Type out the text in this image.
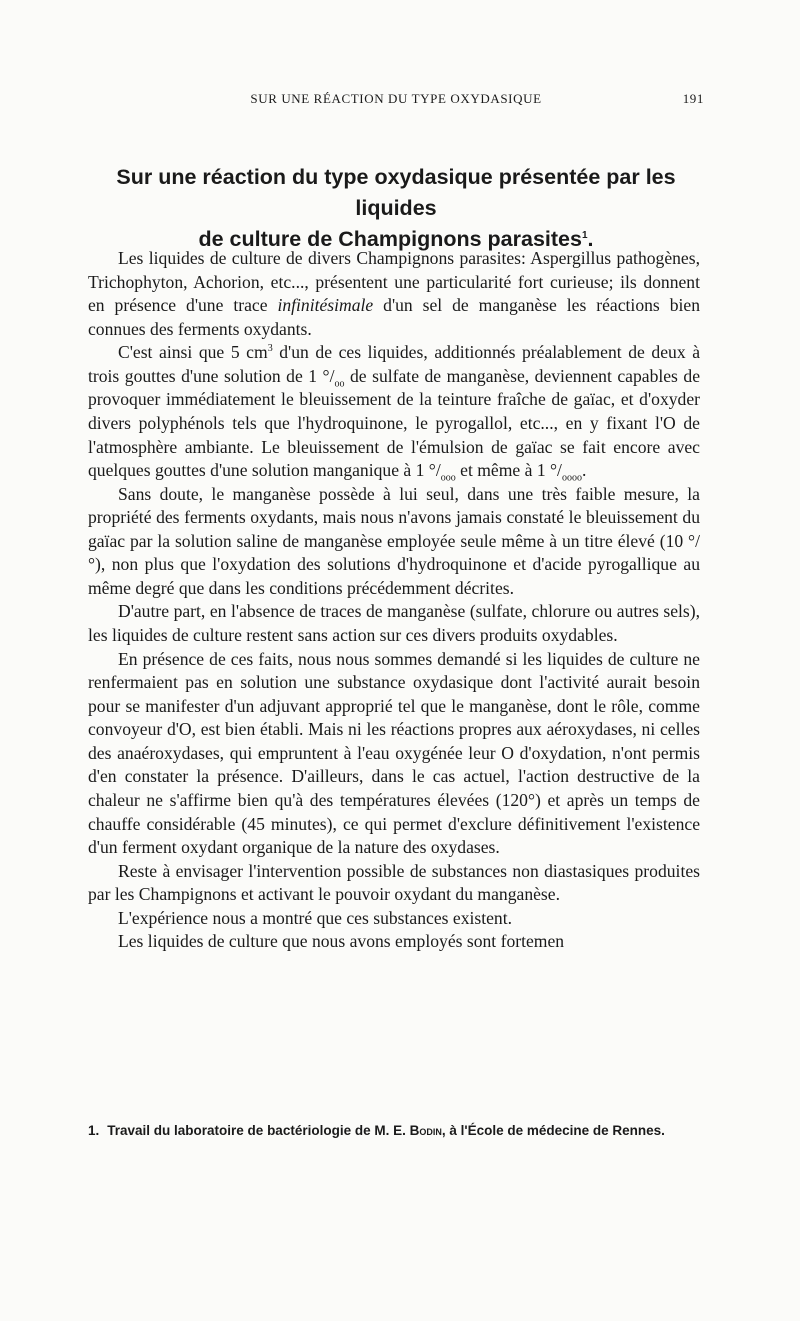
SUR UNE RÉACTION DU TYPE OXYDASIQUE	191
Sur une réaction du type oxydasique présentée par les liquides
de culture de Champignons parasites$^1$.

Les liquides de culture de divers Champignons parasites: Aspergillus pathogènes, Trichophyton, Achorion, etc..., présentent une particularité fort curieuse; ils donnent en présence d'une trace infinitésimale d'un sel de manganèse les réactions bien connues des ferments oxydants.

C'est ainsi que 5 $cm^3$ d'un de ces liquides, additionnés préalablement de deux à trois gouttes d'une solution de 1 $^\circ/_{oo}$ de sulfate de manganèse, deviennent capables de provoquer immédiatement le bleuissement de la teinture fraîche de gaïac, et d'oxyder divers polyphénols tels que l'hydroquinone, le pyrogallol, etc..., en y fixant l'O de l'atmosphère ambiante. Le bleuissement de l'émulsion de gaïac se fait encore avec quelques gouttes d'une solution manganique à 1 $^\circ/_{ooo}$ et même à 1 $^\circ/_{oooo}$.

Sans doute, le manganèse possède à lui seul, dans une très faible mesure, la propriété des ferments oxydants, mais nous n'avons jamais constaté le bleuissement du gaïac par la solution saline de manganèse employée seule même à un titre élevé (10 °/°), non plus que l'oxydation des solutions d'hydroquinone et d'acide pyrogallique au même degré que dans les conditions précédemment décrites.

D'autre part, en l'absence de traces de manganèse (sulfate, chlorure ou autres sels), les liquides de culture restent sans action sur ces divers produits oxydables.

En présence de ces faits, nous nous sommes demandé si les liquides de culture ne renfermaient pas en solution une substance oxydasique dont l'activité aurait besoin pour se manifester d'un adjuvant approprié tel que le manganèse, dont le rôle, comme convoyeur d'O, est bien établi. Mais ni les réactions propres aux aéroxydases, ni celles des anaéroxydases, qui empruntent à l'eau oxygénée leur O d'oxydation, n'ont permis d'en constater la présence. D'ailleurs, dans le cas actuel, l'action destructive de la chaleur ne s'affirme bien qu'à des températures élevées (120°) et après un temps de chauffe considérable (45 minutes), ce qui permet d'exclure définitivement l'existence d'un ferment oxydant organique de la nature des oxydases.

Reste à envisager l'intervention possible de substances non diastasiques produites par les Champignons et activant le pouvoir oxydant du manganèse.

L'expérience nous a montré que ces substances existent.

Les liquides de culture que nous avons employés sont fortemen

1. Travail du laboratoire de bactériologie de M. E. Bodin, à l'École de médecine de Rennes.
